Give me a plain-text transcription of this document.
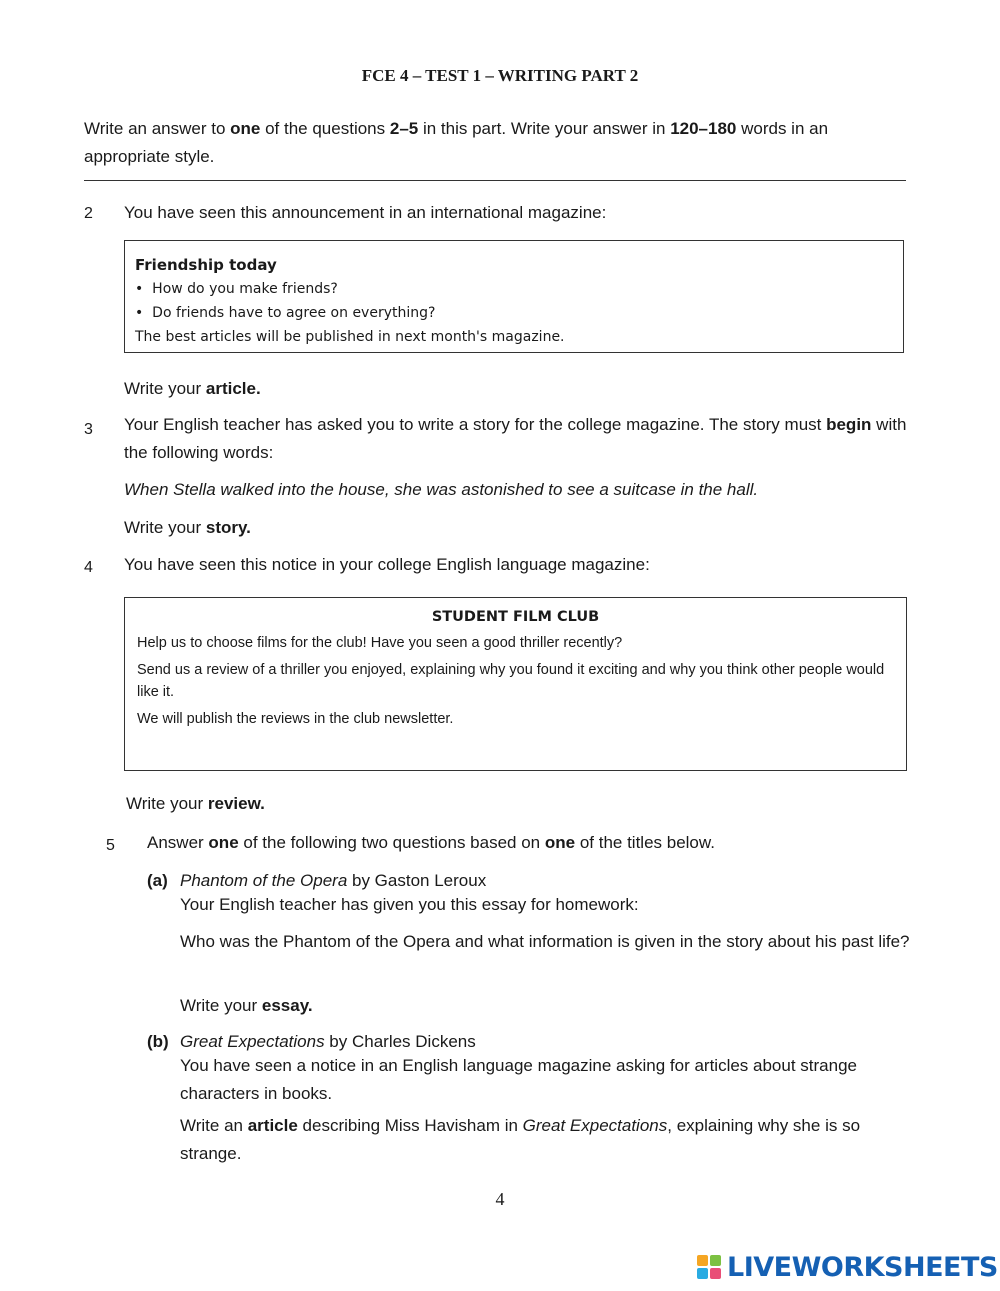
FCE 4 – TEST 1 – WRITING PART 2
Write an answer to one of the questions 2–5 in this part. Write your answer in 120–180 words in an appropriate style.
2 You have seen this announcement in an international magazine:
Friendship today
•  How do you make friends?
•  Do friends have to agree on everything?
The best articles will be published in next month's magazine.
Write your article.
3 Your English teacher has asked you to write a story for the college magazine. The story must begin with the following words:
When Stella walked into the house, she was astonished to see a suitcase in the hall.
Write your story.
4 You have seen this notice in your college English language magazine:
STUDENT FILM CLUB

Help us to choose films for the club! Have you seen a good thriller recently?

Send us a review of a thriller you enjoyed, explaining why you found it exciting and why you think other people would like it.

We will publish the reviews in the club newsletter.

Write your review.
5 Answer one of the following two questions based on one of the titles below.
(a) Phantom of the Opera by Gaston Leroux
Your English teacher has given you this essay for homework:
Who was the Phantom of the Opera and what information is given in the story about his past life?
Write your essay.
(b) Great Expectations by Charles Dickens
You have seen a notice in an English language magazine asking for articles about strange characters in books.
Write an article describing Miss Havisham in Great Expectations, explaining why she is so strange.
4
LIVEWORKSHEETS
